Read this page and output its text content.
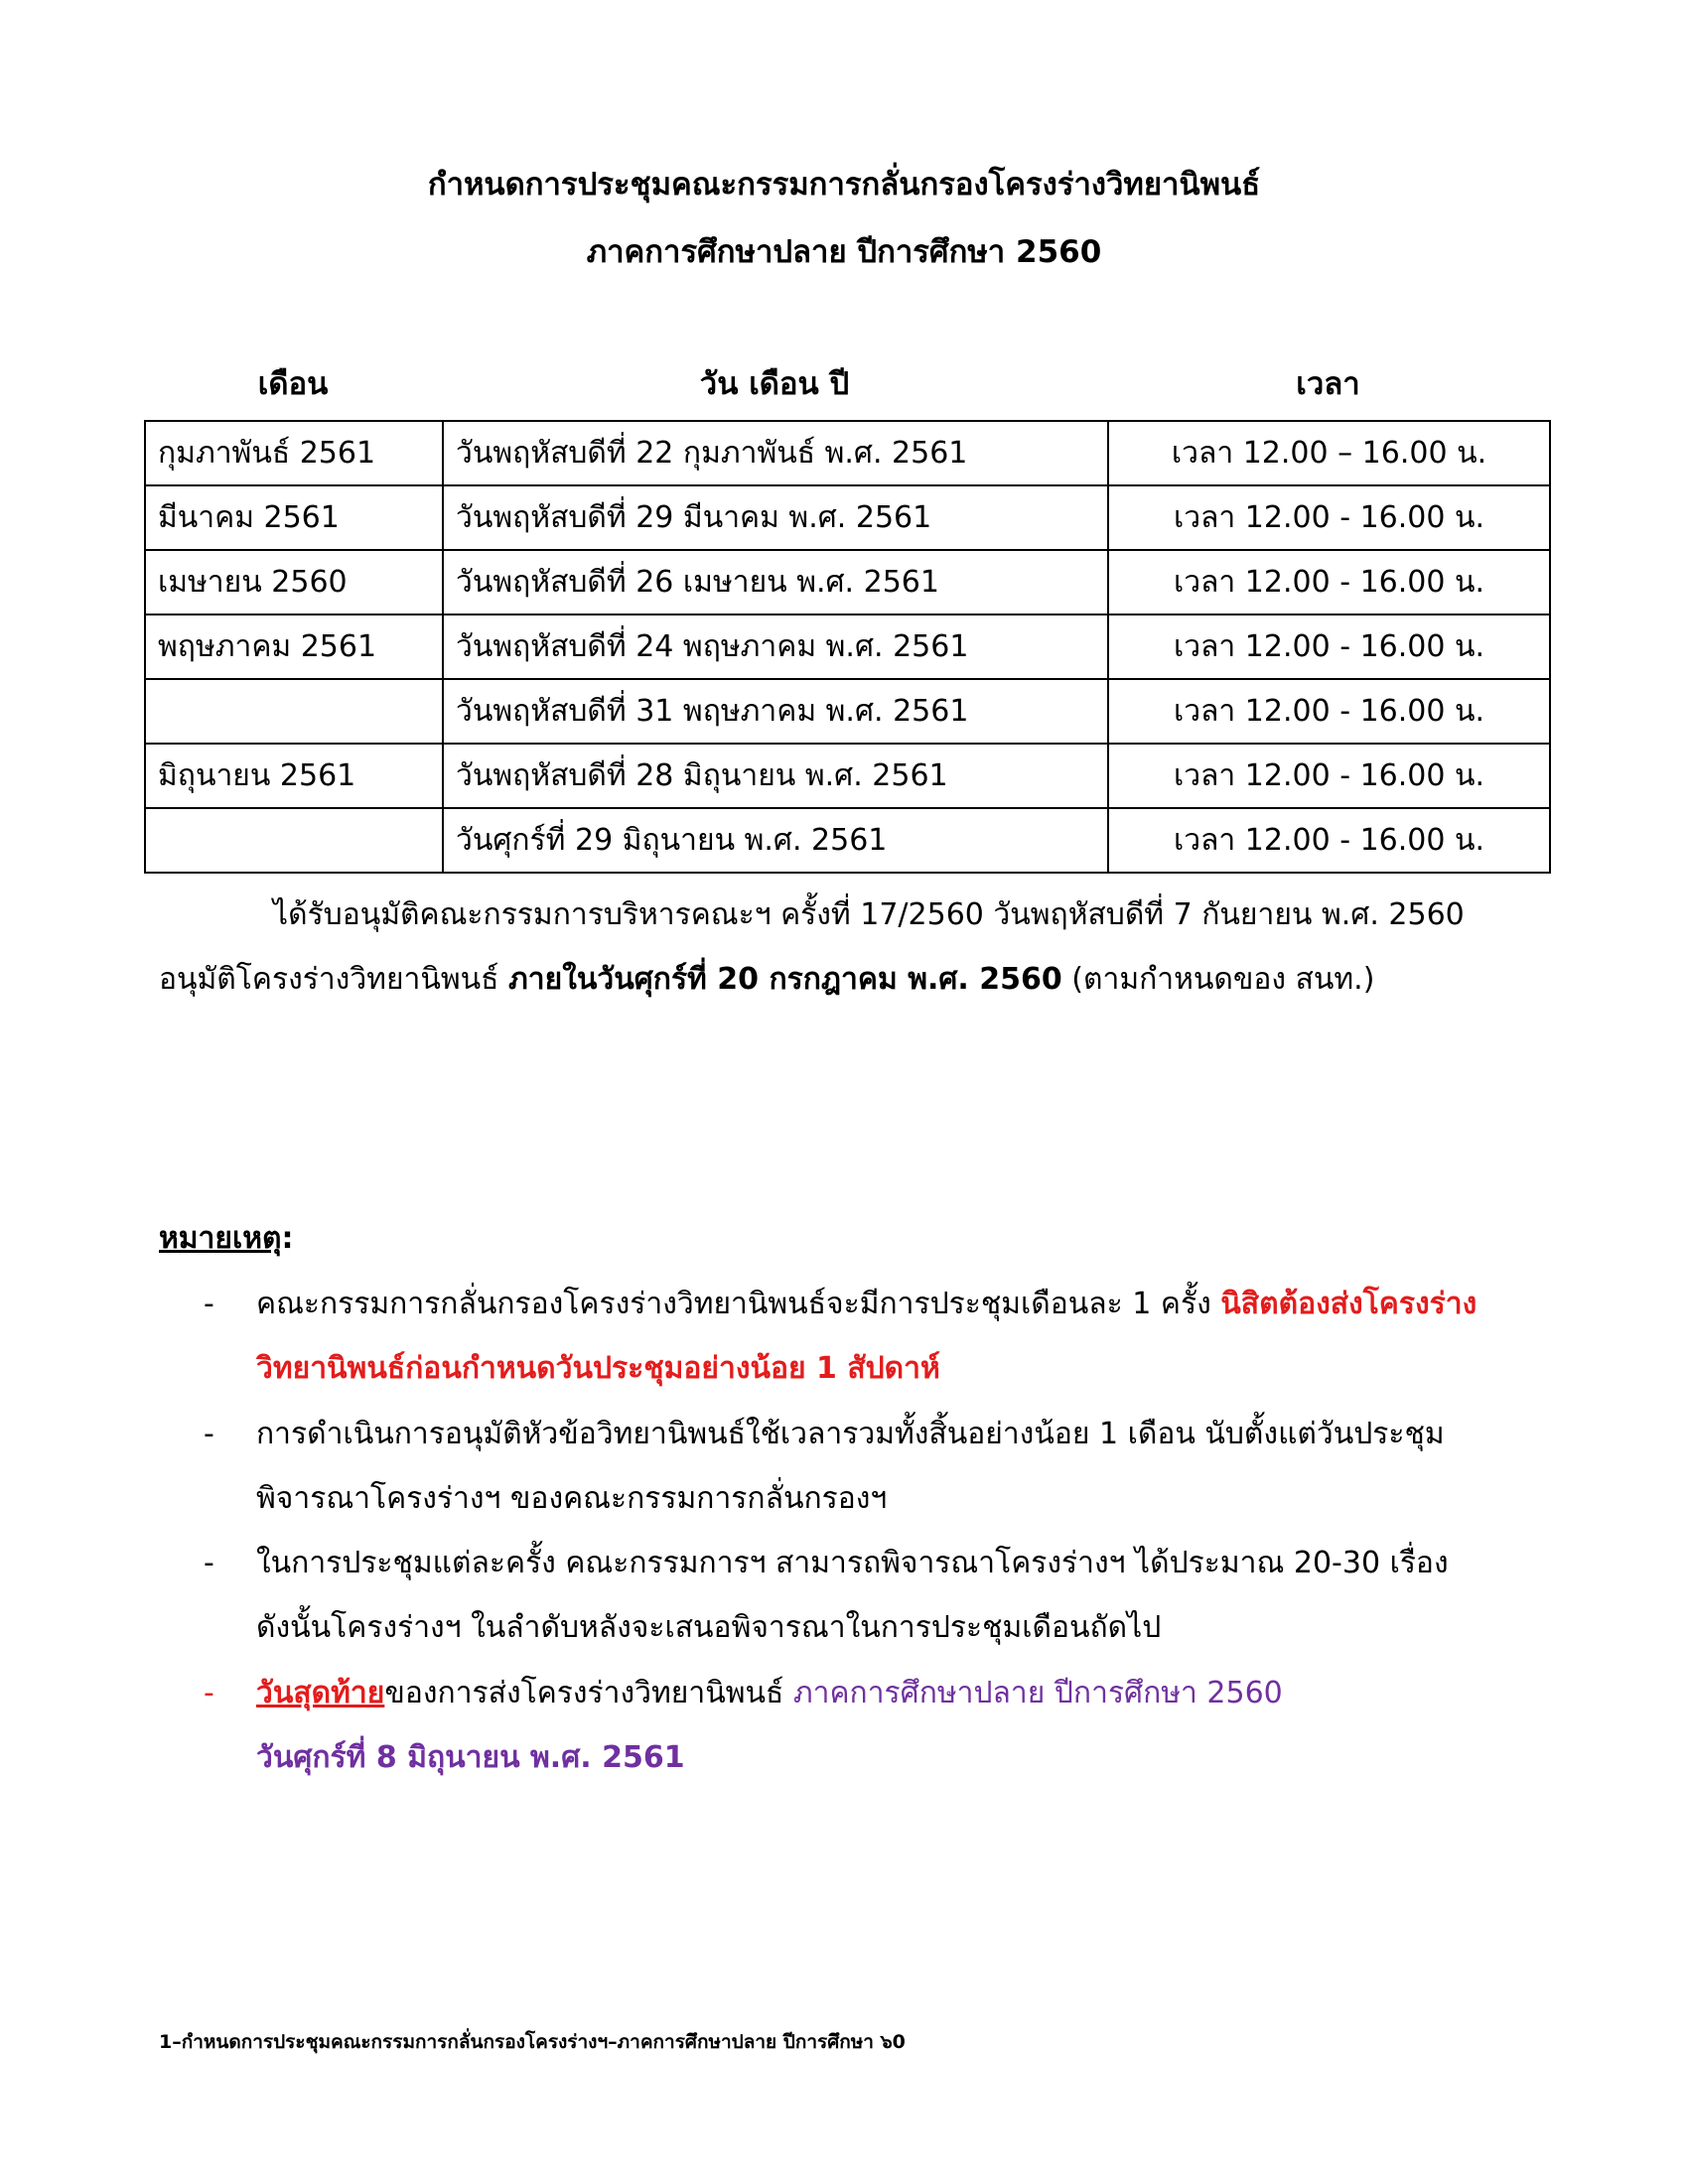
กำหนดการประชุมคณะกรรมการกลั่นกรองโครงร่างวิทยานิพนธ์
ภาคการศึกษาปลาย ปีการศึกษา 2560
เดือน	วัน เดือน ปี	เวลา
กุมภาพันธ์ 2561	วันพฤหัสบดีที่ 22 กุมภาพันธ์ พ.ศ. 2561	เวลา 12.00 – 16.00 น.
มีนาคม 2561	วันพฤหัสบดีที่ 29 มีนาคม พ.ศ. 2561	เวลา 12.00 - 16.00 น.
เมษายน 2560	วันพฤหัสบดีที่ 26 เมษายน พ.ศ. 2561	เวลา 12.00 - 16.00 น.
พฤษภาคม 2561	วันพฤหัสบดีที่ 24 พฤษภาคม พ.ศ. 2561	เวลา 12.00 - 16.00 น.
	วันพฤหัสบดีที่ 31 พฤษภาคม พ.ศ. 2561	เวลา 12.00 - 16.00 น.
มิถุนายน 2561	วันพฤหัสบดีที่ 28 มิถุนายน พ.ศ. 2561	เวลา 12.00 - 16.00 น.
	วันศุกร์ที่ 29 มิถุนายน พ.ศ. 2561	เวลา 12.00 - 16.00 น.
ได้รับอนุมัติคณะกรรมการบริหารคณะฯ ครั้งที่ 17/2560 วันพฤหัสบดีที่ 7 กันยายน พ.ศ. 2560
อนุมัติโครงร่างวิทยานิพนธ์ ภายในวันศุกร์ที่ 20 กรกฎาคม พ.ศ. 2560 (ตามกำหนดของ สนท.)
หมายเหตุ:
- คณะกรรมการกลั่นกรองโครงร่างวิทยานิพนธ์จะมีการประชุมเดือนละ 1 ครั้ง นิสิตต้องส่งโครงร่าง
วิทยานิพนธ์ก่อนกำหนดวันประชุมอย่างน้อย 1 สัปดาห์
- การดำเนินการอนุมัติหัวข้อวิทยานิพนธ์ใช้เวลารวมทั้งสิ้นอย่างน้อย 1 เดือน นับตั้งแต่วันประชุม
พิจารณาโครงร่างฯ ของคณะกรรมการกลั่นกรองฯ
- ในการประชุมแต่ละครั้ง คณะกรรมการฯ สามารถพิจารณาโครงร่างฯ ได้ประมาณ 20-30 เรื่อง
ดังนั้นโครงร่างฯ ในลำดับหลังจะเสนอพิจารณาในการประชุมเดือนถัดไป
- วันสุดท้ายของการส่งโครงร่างวิทยานิพนธ์ ภาคการศึกษาปลาย ปีการศึกษา 2560
วันศุกร์ที่ 8 มิถุนายน พ.ศ. 2561
1–กำหนดการประชุมคณะกรรมการกลั่นกรองโครงร่างฯ–ภาคการศึกษาปลาย ปีการศึกษา ๖0
